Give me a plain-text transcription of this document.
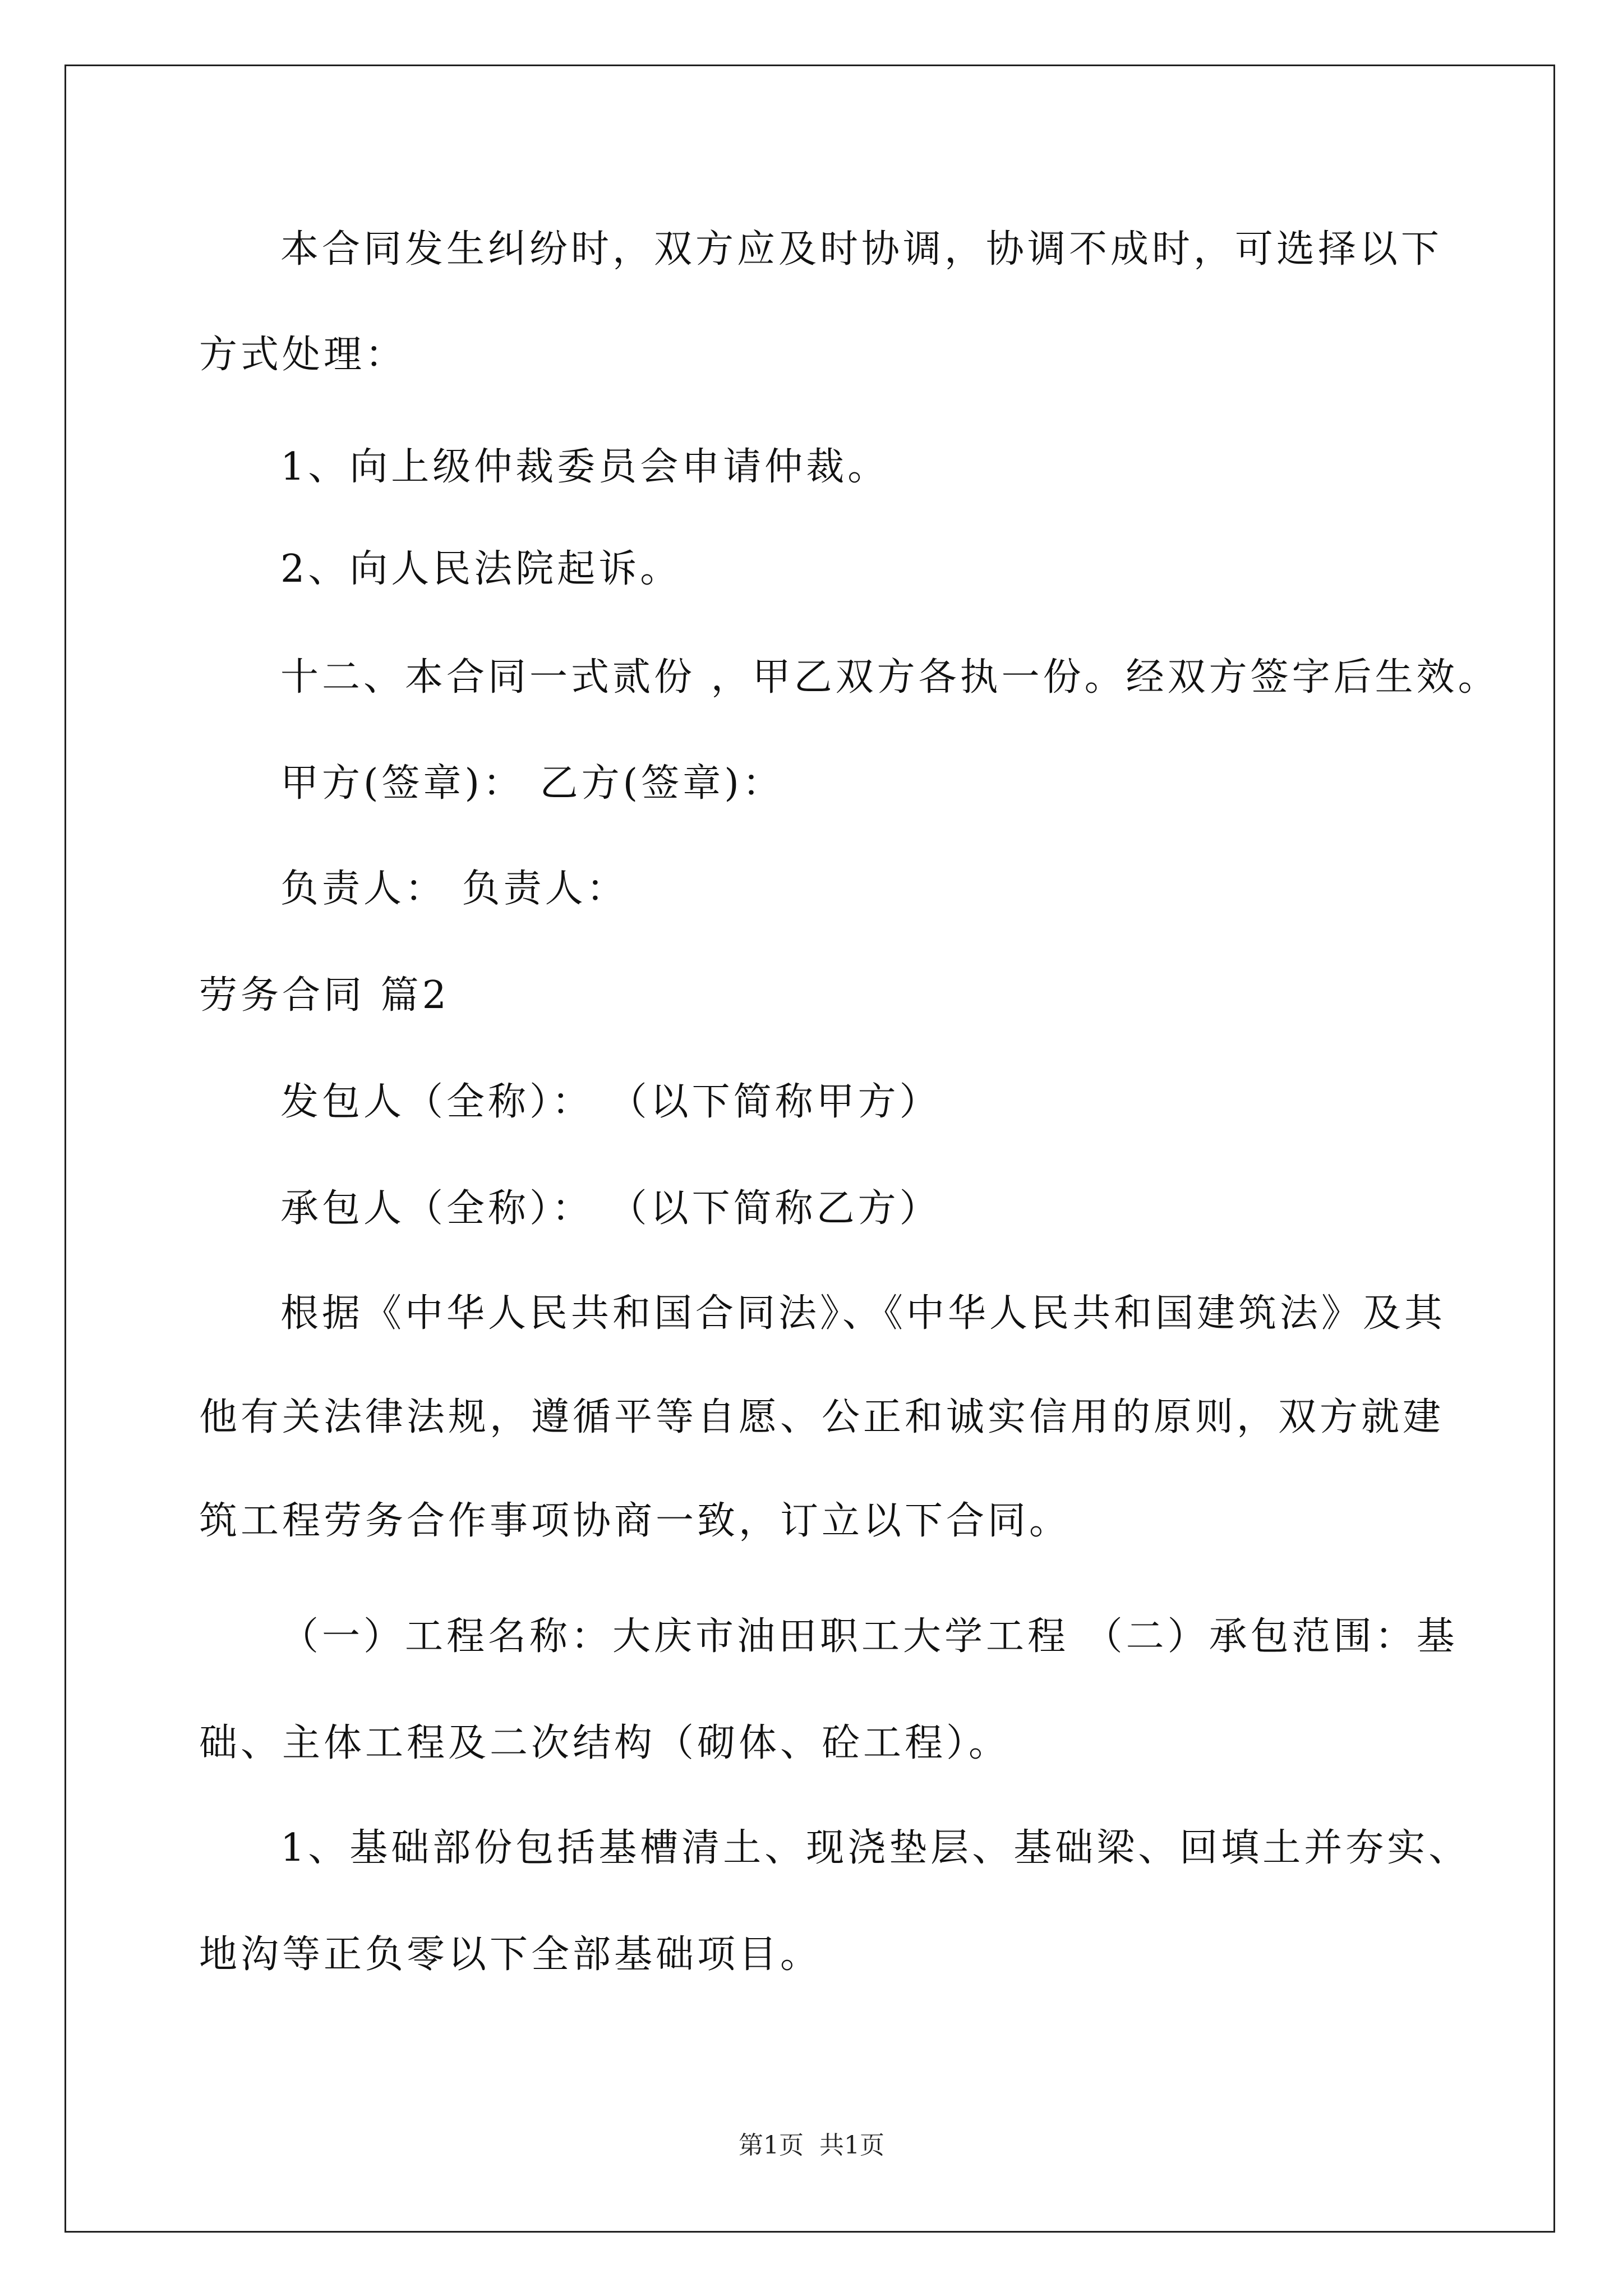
本合同发生纠纷时，双方应及时协调，协调不成时，可选择以下
方式处理：
1、向上级仲裁委员会申请仲裁。
2、向人民法院起诉。
十二、本合同一式贰份 ，甲乙双方各执一份。经双方签字后生效。
甲方(签章)： 乙方(签章)：
负责人： 负责人：
劳务合同 篇2
发包人（全称）： （以下简称甲方）
承包人（全称）： （以下简称乙方）
根据《中华人民共和国合同法》、《中华人民共和国建筑法》及其
他有关法律法规，遵循平等自愿、公正和诚实信用的原则，双方就建
筑工程劳务合作事项协商一致，订立以下合同。
（一）工程名称：大庆市油田职工大学工程 （二）承包范围：基
础、主体工程及二次结构（砌体、砼工程）。
1、基础部份包括基槽清土、现浇垫层、基础梁、回填土并夯实、
地沟等正负零以下全部基础项目。
第1页  共1页
